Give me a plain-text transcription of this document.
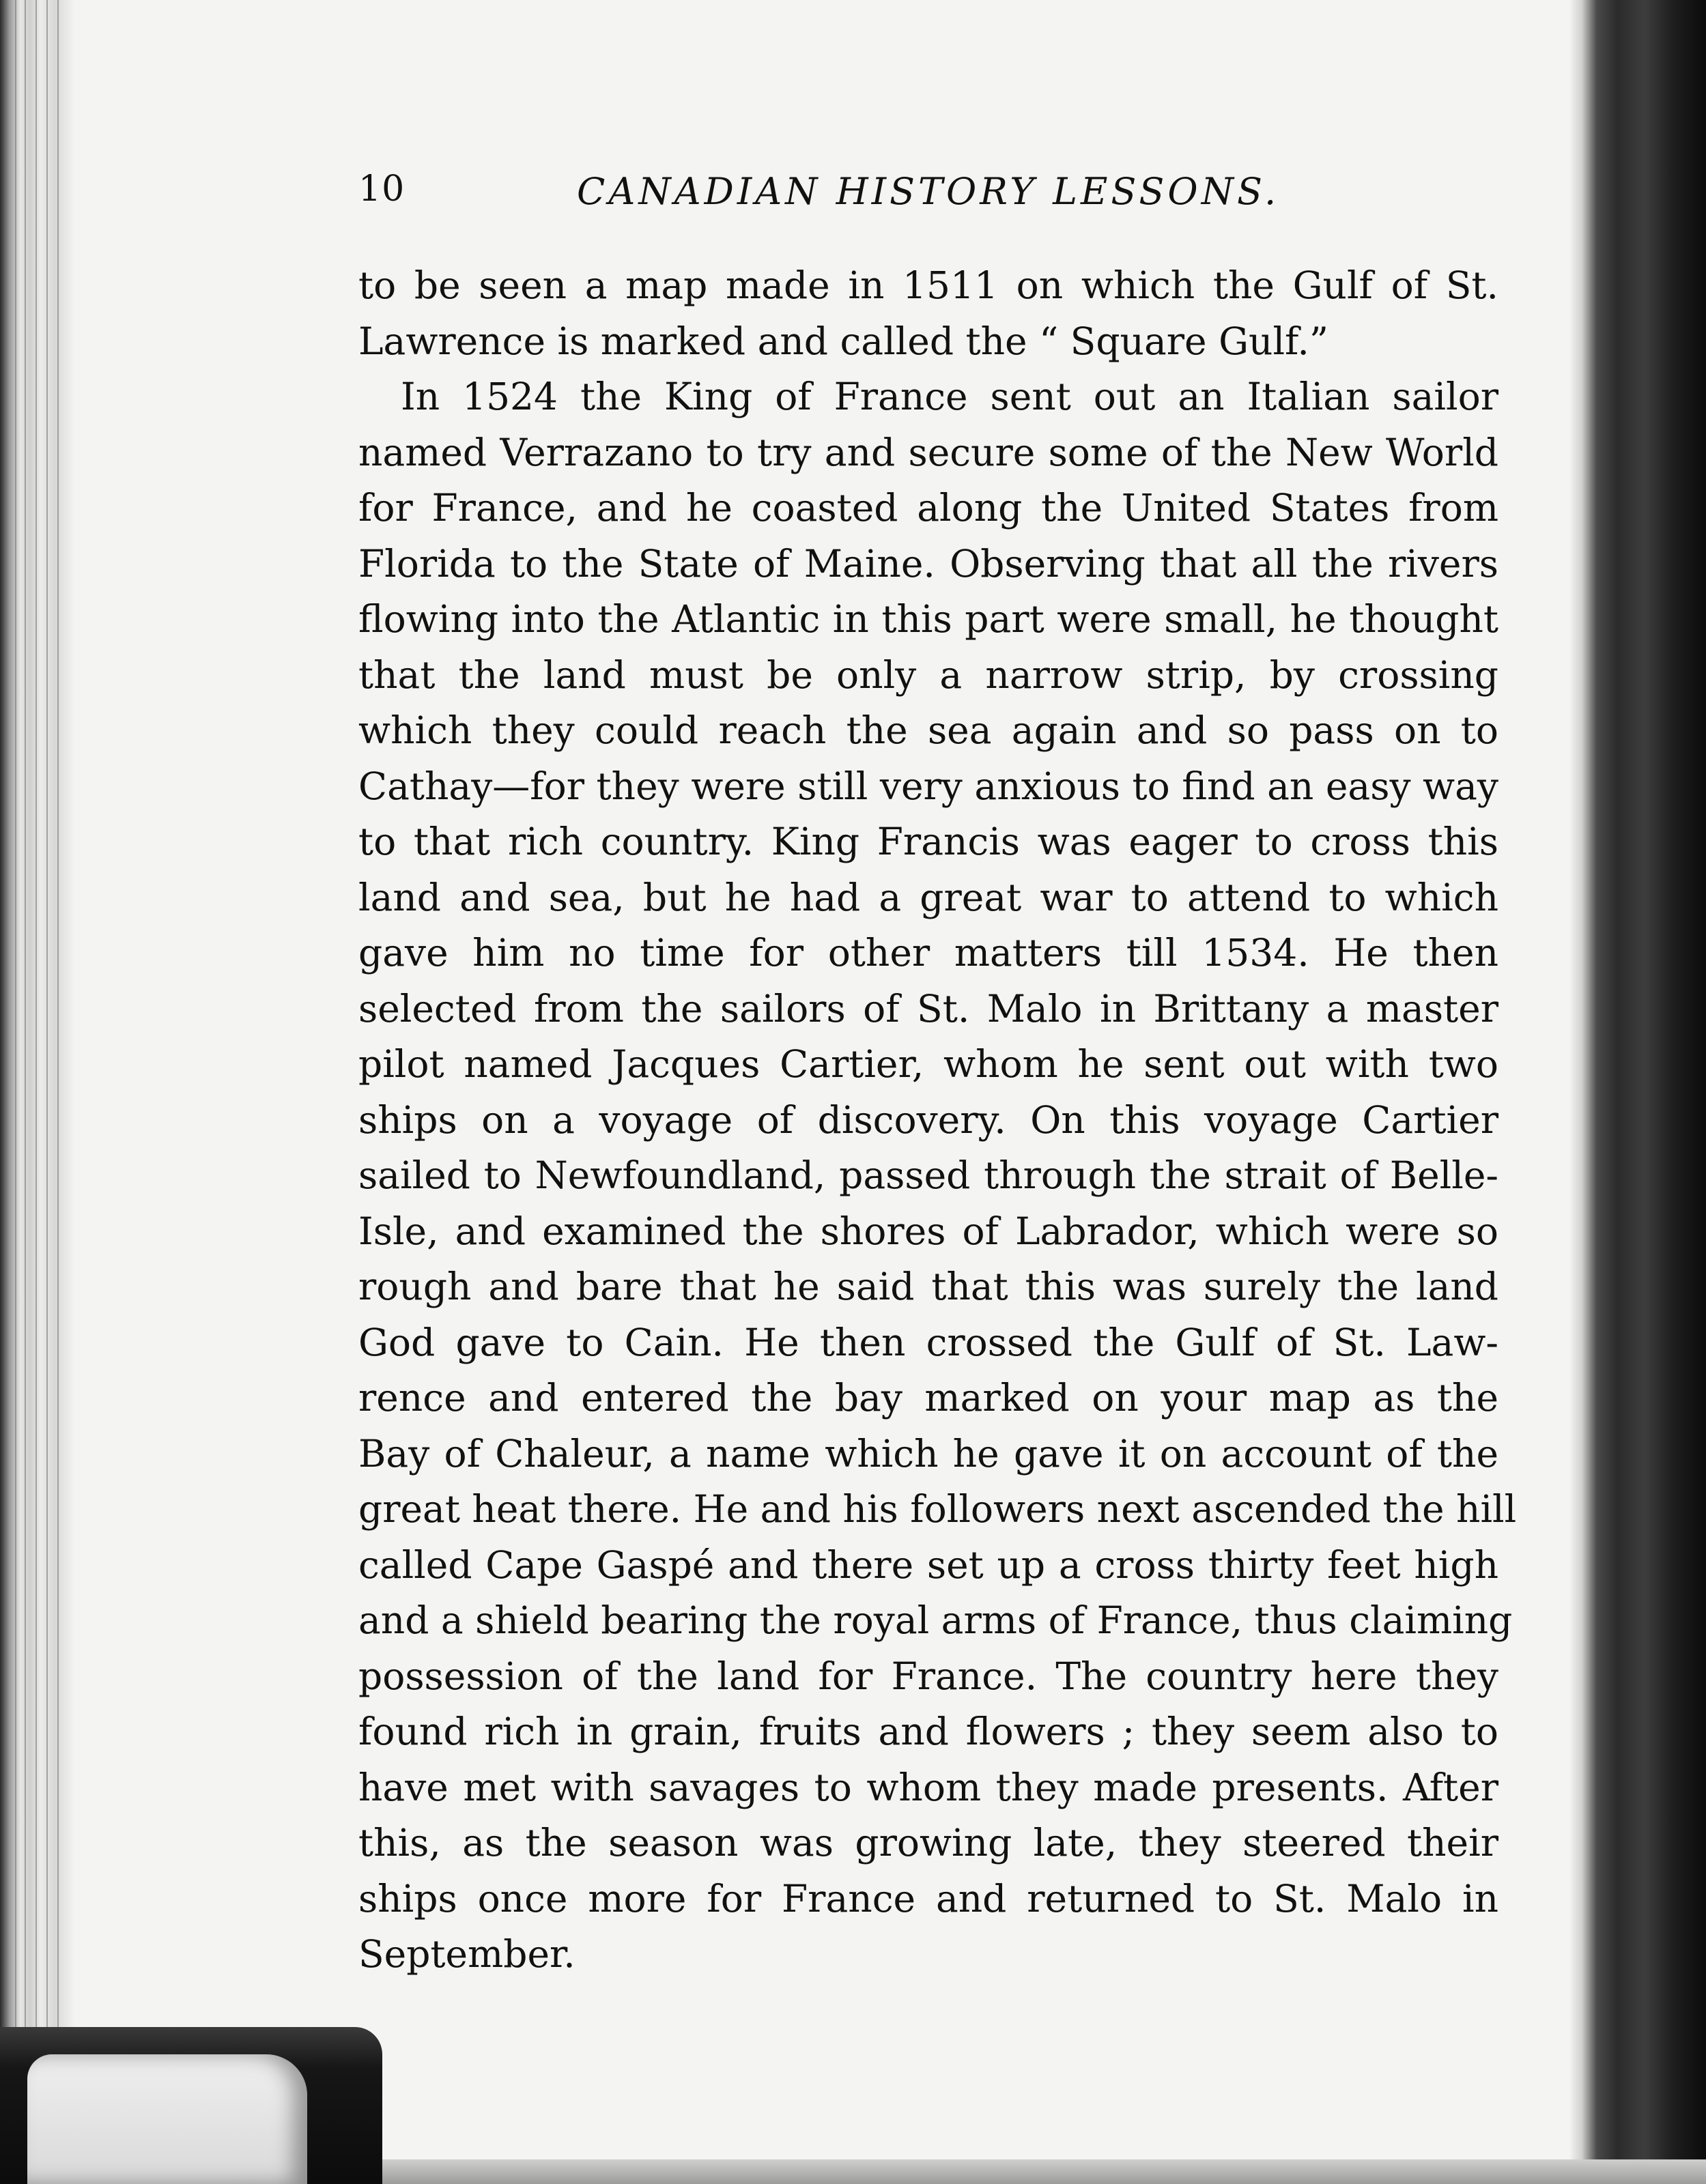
10	CANADIAN HISTORY LESSONS.
to be seen a map made in 1511 on which the Gulf of St.
Lawrence is marked and called the “ Square Gulf.”
In 1524 the King of France sent out an Italian sailor
named Verrazano to try and secure some of the New World
for France, and he coasted along the United States from
Florida to the State of Maine. Observing that all the rivers
flowing into the Atlantic in this part were small, he thought
that the land must be only a narrow strip, by crossing
which they could reach the sea again and so pass on to
Cathay—for they were still very anxious to find an easy way
to that rich country. King Francis was eager to cross this
land and sea, but he had a great war to attend to which
gave him no time for other matters till 1534. He then
selected from the sailors of St. Malo in Brittany a master
pilot named Jacques Cartier, whom he sent out with two
ships on a voyage of discovery. On this voyage Cartier
sailed to Newfoundland, passed through the strait of Belle-
Isle, and examined the shores of Labrador, which were so
rough and bare that he said that this was surely the land
God gave to Cain. He then crossed the Gulf of St. Law-
rence and entered the bay marked on your map as the
Bay of Chaleur, a name which he gave it on account of the
great heat there. He and his followers next ascended the hill
called Cape Gaspé and there set up a cross thirty feet high
and a shield bearing the royal arms of France, thus claiming
possession of the land for France. The country here they
found rich in grain, fruits and flowers ; they seem also to
have met with savages to whom they made presents. After
this, as the season was growing late, they steered their
ships once more for France and returned to St. Malo in
September.
